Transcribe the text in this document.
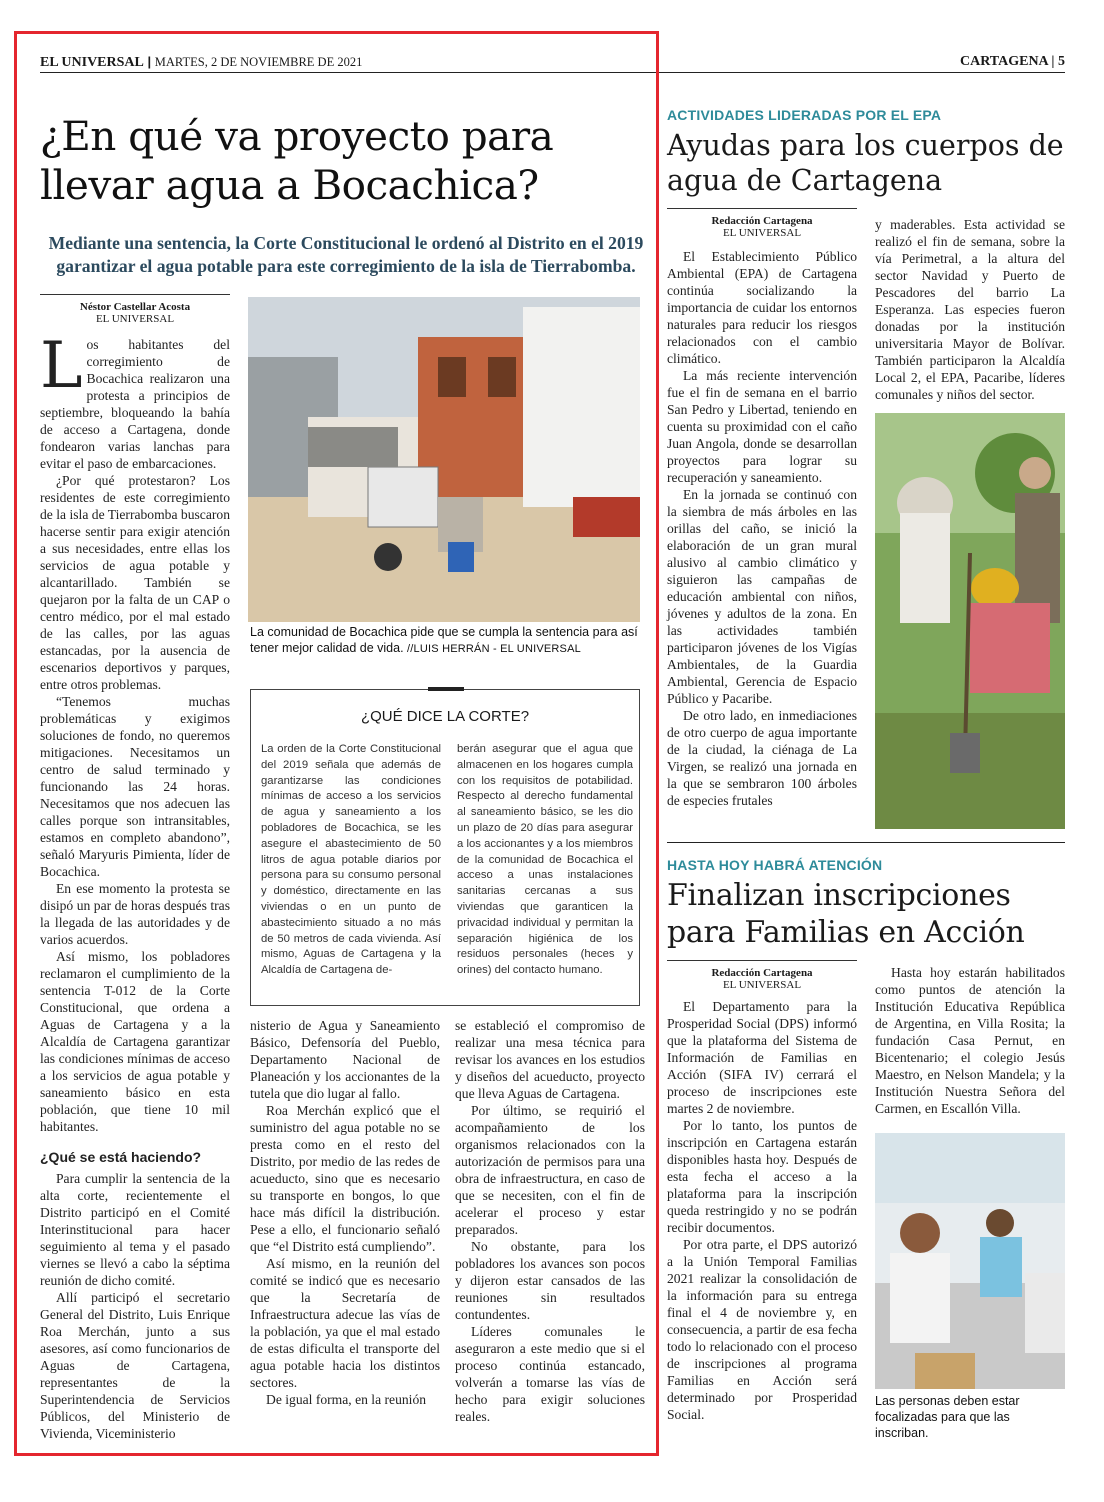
EL UNIVERSAL | MARTES, 2 DE NOVIEMBRE DE 2021	CARTAGENA | 5
¿En qué va proyecto para llevar agua a Bocachica?
Mediante una sentencia, la Corte Constitucional le ordenó al Distrito en el 2019 garantizar el agua potable para este corregimiento de la isla de Tierrabomba.
Néstor Castellar Acosta
EL UNIVERSAL
L os habitantes del corregimiento de Bocachica realizaron una protesta a principios de septiembre, bloqueando la bahía de acceso a Cartagena, donde fondearon varias lanchas para evitar el paso de embarcaciones.

¿Por qué protestaron? Los residentes de este corregimiento de la isla de Tierrabomba buscaron hacerse sentir para exigir atención a sus necesidades, entre ellas los servicios de agua potable y alcantarillado. También se quejaron por la falta de un CAP o centro médico, por el mal estado de las calles, por las aguas estancadas, por la ausencia de escenarios deportivos y parques, entre otros problemas.

“Tenemos muchas problemáticas y exigimos soluciones de fondo, no queremos mitigaciones. Necesitamos un centro de salud terminado y funcionando las 24 horas. Necesitamos que nos adecuen las calles porque son intransitables, estamos en completo abandono”, señaló Maryuris Pimienta, líder de Bocachica.

En ese momento la protesta se disipó un par de horas después tras la llegada de las autoridades y de varios acuerdos.

Así mismo, los pobladores reclamaron el cumplimiento de la sentencia T-012 de la Corte Constitucional, que ordena a Aguas de Cartagena y a la Alcaldía de Cartagena garantizar las condiciones mínimas de acceso a los servicios de agua potable y saneamiento básico en esta población, que tiene 10 mil habitantes.

¿Qué se está haciendo?

Para cumplir la sentencia de la alta corte, recientemente el Distrito participó en el Comité Interinstitucional para hacer seguimiento al tema y el pasado viernes se llevó a cabo la séptima reunión de dicho comité.

Allí participó el secretario General del Distrito, Luis Enrique Roa Merchán, junto a sus asesores, así como funcionarios de Aguas de Cartagena, representantes de la Superintendencia de Servicios Públicos, del Ministerio de Vivienda, Viceministerio

La comunidad de Bocachica pide que se cumpla la sentencia para así tener mejor calidad de vida. //LUIS HERRÁN - EL UNIVERSAL
¿QUÉ DICE LA CORTE?
La orden de la Corte Constitucional del 2019 señala que además de garantizarse las condiciones mínimas de acceso a los servicios de agua y saneamiento a los pobladores de Bocachica, se les asegure el abastecimiento de 50 litros de agua potable diarios por persona para su consumo personal y doméstico, directamente en las viviendas o en un punto de abastecimiento situado a no más de 50 metros de cada vivienda. Así mismo, Aguas de Cartagena y la Alcaldía de Cartagena de-
berán asegurar que el agua que almacenen en los hogares cumpla con los requisitos de potabilidad. Respecto al derecho fundamental al saneamiento básico, se les dio un plazo de 20 días para asegurar a los accionantes y a los miembros de la comunidad de Bocachica el acceso a unas instalaciones sanitarias cercanas a sus viviendas que garanticen la privacidad individual y permitan la separación higiénica de los residuos personales (heces y orines) del contacto humano.

nisterio de Agua y Saneamiento Básico, Defensoría del Pueblo, Departamento Nacional de Planeación y los accionantes de la tutela que dio lugar al fallo.

Roa Merchán explicó que el suministro del agua potable no se presta como en el resto del Distrito, por medio de las redes de acueducto, sino que es necesario su transporte en bongos, lo que hace más difícil la distribución. Pese a ello, el funcionario señaló que “el Distrito está cumpliendo”.

Así mismo, en la reunión del comité se indicó que es necesario que la Secretaría de Infraestructura adecue las vías de la población, ya que el mal estado de estas dificulta el transporte del agua potable hacia los distintos sectores.

De igual forma, en la reunión

se estableció el compromiso de realizar una mesa técnica para revisar los avances en los estudios y diseños del acueducto, proyecto que lleva Aguas de Cartagena.

Por último, se requirió el acompañamiento de los organismos relacionados con la autorización de permisos para una obra de infraestructura, en caso de que se necesiten, con el fin de acelerar el proceso y estar preparados.

No obstante, para los pobladores los avances son pocos y dijeron estar cansados de las reuniones sin resultados contundentes.

Líderes comunales le aseguraron a este medio que si el proceso continúa estancado, volverán a tomarse las vías de hecho para exigir soluciones reales.

ACTIVIDADES LIDERADAS POR EL EPA
Ayudas para los cuerpos de agua de Cartagena
Redacción Cartagena
EL UNIVERSAL

El Establecimiento Público Ambiental (EPA) de Cartagena continúa socializando la importancia de cuidar los entornos naturales para reducir los riesgos relacionados con el cambio climático.

La más reciente intervención fue el fin de semana en el barrio San Pedro y Libertad, teniendo en cuenta su proximidad con el caño Juan Angola, donde se desarrollan proyectos para lograr su recuperación y saneamiento.

En la jornada se continuó con la siembra de más árboles en las orillas del caño, se inició la elaboración de un gran mural alusivo al cambio climático y siguieron las campañas de educación ambiental con niños, jóvenes y adultos de la zona. En las actividades también participaron jóvenes de los Vigías Ambientales, de la Guardia Ambiental, Gerencia de Espacio Público y Pacaribe.

De otro lado, en inmediaciones de otro cuerpo de agua importante de la ciudad, la ciénaga de La Virgen, se realizó una jornada en la que se sembraron 100 árboles de especies frutales

y maderables. Esta actividad se realizó el fin de semana, sobre la vía Perimetral, a la altura del sector Navidad y Puerto de Pescadores del barrio La Esperanza. Las especies fueron donadas por la institución universitaria Mayor de Bolívar. También participaron la Alcaldía Local 2, el EPA, Pacaribe, líderes comunales y niños del sector.

HASTA HOY HABRÁ ATENCIÓN
Finalizan inscripciones para Familias en Acción
Redacción Cartagena
EL UNIVERSAL

El Departamento para la Prosperidad Social (DPS) informó que la plataforma del Sistema de Información de Familias en Acción (SIFA IV) cerrará el proceso de inscripciones este martes 2 de noviembre.

Por lo tanto, los puntos de inscripción en Cartagena estarán disponibles hasta hoy. Después de esta fecha el acceso a la plataforma para la inscripción queda restringido y no se podrán recibir documentos.

Por otra parte, el DPS autorizó a la Unión Temporal Familias 2021 realizar la consolidación de la información para su entrega final el 4 de noviembre y, en consecuencia, a partir de esa fecha todo lo relacionado con el proceso de inscripciones al programa Familias en Acción será determinado por Prosperidad Social.

Hasta hoy estarán habilitados como puntos de atención la Institución Educativa República de Argentina, en Villa Rosita; la fundación Casa Pernut, en Bicentenario; el colegio Jesús Maestro, en Nelson Mandela; y la Institución Nuestra Señora del Carmen, en Escallón Villa.

Las personas deben estar focalizadas para que las inscriban.
